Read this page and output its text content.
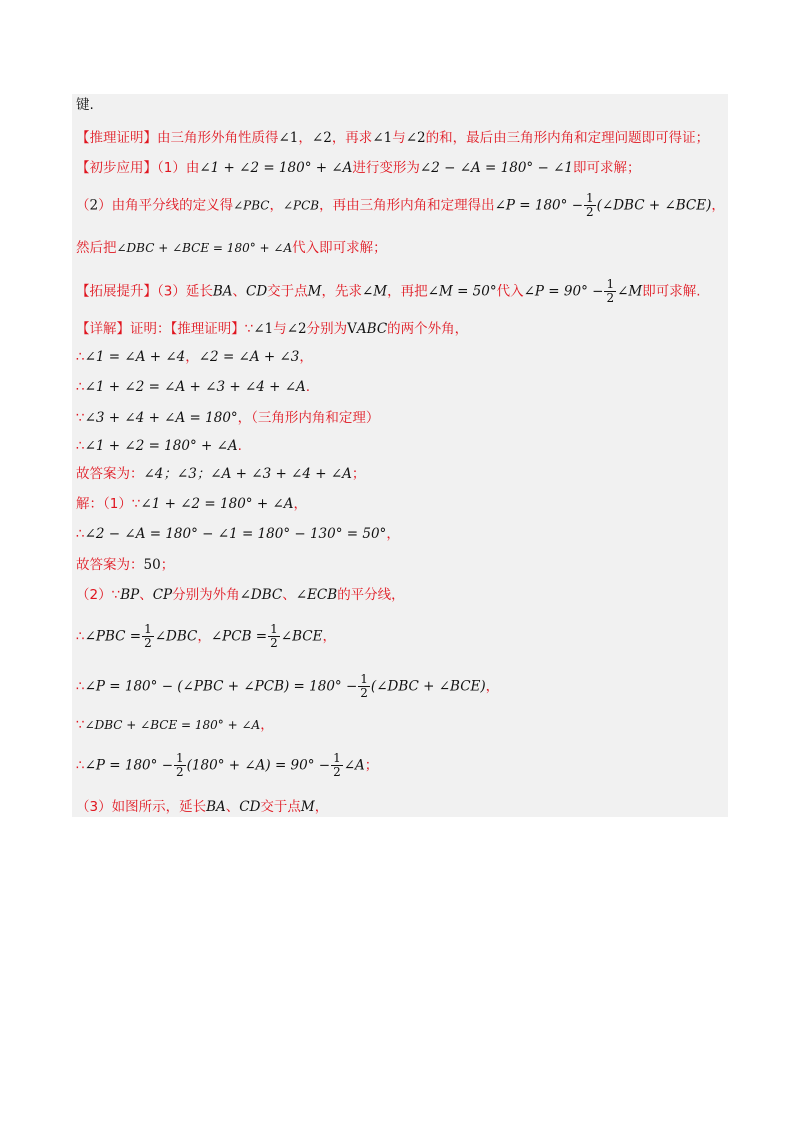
键.
【推理证明】由三角形外角性质得∠1，∠2，再求∠1与∠2的和，最后由三角形内角和定理问题即可得证；
【初步应用】（1）由∠1 + ∠2 = 180° + ∠A进行变形为∠2 − ∠A = 180° − ∠1即可求解；
（2）由角平分线的定义得∠PBC，∠PCB，再由三角形内角和定理得出∠P = $180^\circ - \frac{1}{2}$ (∠DBC + ∠BCE)，
然后把∠DBC + ∠BCE = 180° + ∠A代入即可求解；
【拓展提升】（3）延长BA、CD交于点M，先求∠M，再把∠M = 50°代入∠P = $90^\circ - \frac{1}{2}$ ∠M即可求解.
【详解】证明：【推理证明】∵∠1与∠2分别为VABC的两个外角，
∴∠1 = ∠A + ∠4，∠2 = ∠A + ∠3，
∴∠1 + ∠2 = ∠A + ∠3 + ∠4 + ∠A.
∵∠3 + ∠4 + ∠A = 180°，（三角形内角和定理）
∴∠1 + ∠2 = 180° + ∠A.
故答案为：∠4；∠3；∠A + ∠3 + ∠4 + ∠A；
解：（1）∵∠1 + ∠2 = 180° + ∠A，
∴∠2 − ∠A = 180° − ∠1 = 180° − 130° = 50°，
故答案为：50；
（2）∵BP、CP分别为外角∠DBC、∠ECB的平分线，
∴∠PBC = $\frac{1}{2}$ ∠DBC，∠PCB = $\frac{1}{2}$ ∠BCE，
∴∠P = 180° − (∠PBC + ∠PCB) = $180^\circ - \frac{1}{2}$ (∠DBC + ∠BCE)，
∵∠DBC + ∠BCE = 180° + ∠A，
∴∠P = $180^\circ - \frac{1}{2} (180^\circ$ + ∠A) = $90^\circ - \frac{1}{2}$ ∠A；
（3）如图所示，延长BA、CD交于点M，
